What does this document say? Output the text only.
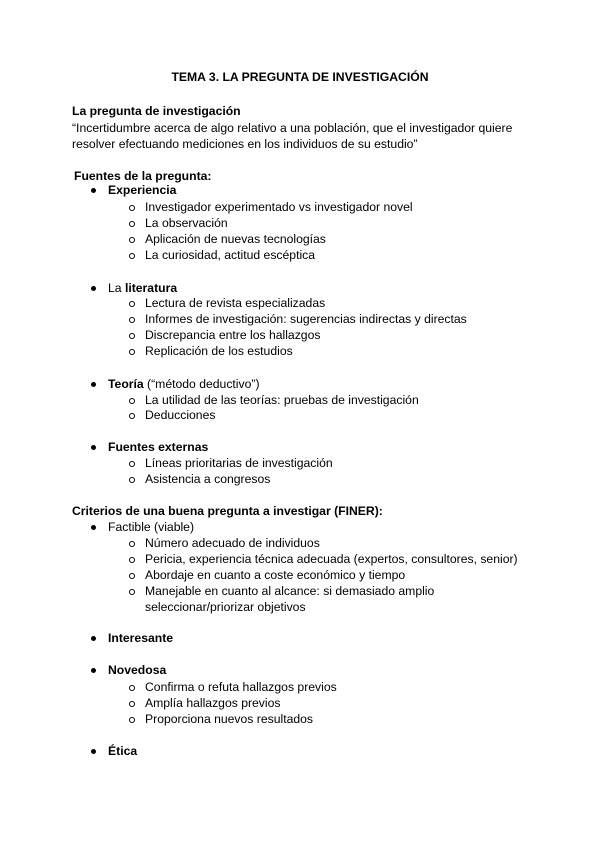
TEMA 3. LA PREGUNTA DE INVESTIGACIÓN
La pregunta de investigación
“Incertidumbre acerca de algo relativo a una población, que el investigador quiere
resolver efectuando mediciones en los individuos de su estudio”
Fuentes de la pregunta:
Experiencia
Investigador experimentado vs investigador novel
La observación
Aplicación de nuevas tecnologías
La curiosidad, actitud escéptica
La literatura
Lectura de revista especializadas
Informes de investigación: sugerencias indirectas y directas
Discrepancia entre los hallazgos
Replicación de los estudios
Teoría (“método deductivo”)
La utilidad de las teorías: pruebas de investigación
Deducciones
Fuentes externas
Líneas prioritarias de investigación
Asistencia a congresos
Criterios de una buena pregunta a investigar (FINER):
Factible (viable)
Número adecuado de individuos
Pericia, experiencia técnica adecuada (expertos, consultores, senior)
Abordaje en cuanto a coste económico y tiempo
Manejable en cuanto al alcance: si demasiado amplio
seleccionar/priorizar objetivos
Interesante
Novedosa
Confirma o refuta hallazgos previos
Amplía hallazgos previos
Proporciona nuevos resultados
Ética
